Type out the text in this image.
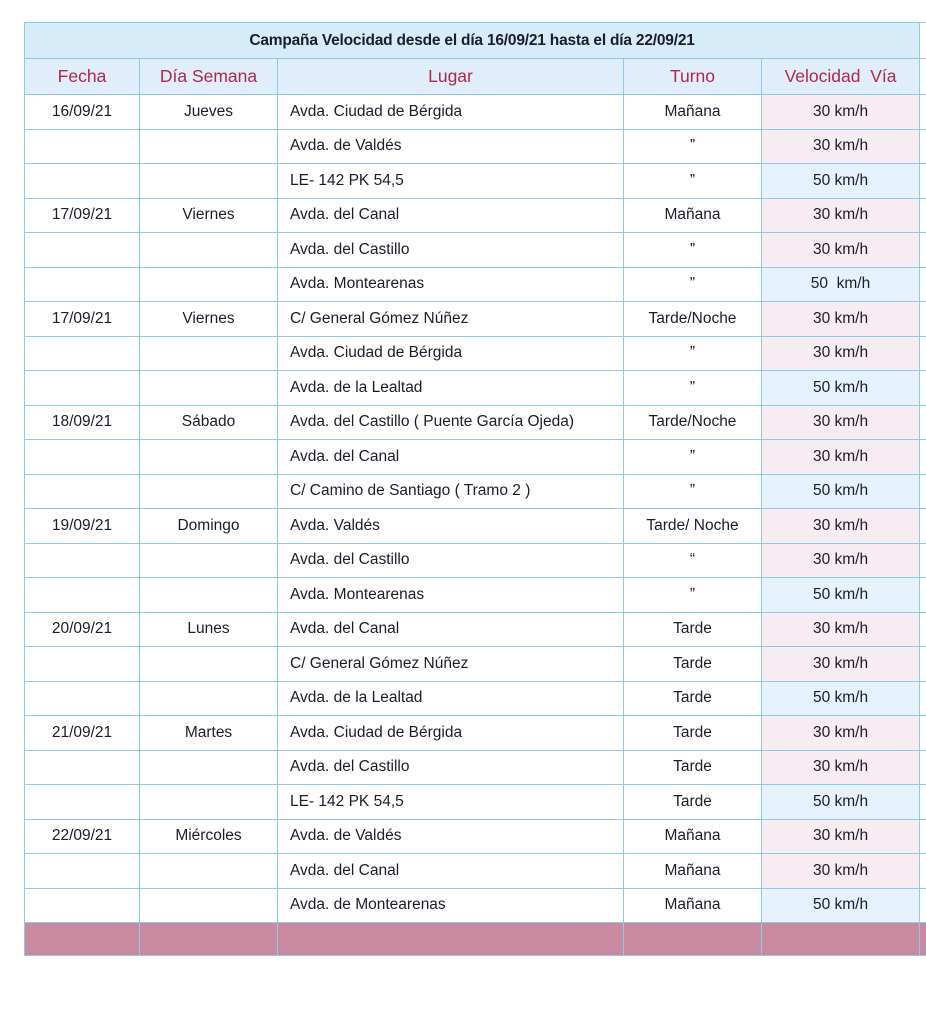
Campaña Velocidad desde el día 16/09/21 hasta el día 22/09/21					
Fecha	Día Semana	Lugar	Turno	Velocidad  Vía	
16/09/21	Jueves	Avda. Ciudad de Bérgida	Mañana	30 km/h	
		Avda. de Valdés	”	30 km/h	
		LE- 142 PK 54,5	”	50 km/h	
17/09/21	Viernes	Avda. del Canal	Mañana	30 km/h	
		Avda. del Castillo	”	30 km/h	
		Avda. Montearenas	”	50  km/h	
17/09/21	Viernes	C/ General Gómez Núñez	Tarde/Noche	30 km/h	
		Avda. Ciudad de Bérgida	”	30 km/h	
		Avda. de la Lealtad	”	50 km/h	
18/09/21	Sábado	Avda. del Castillo ( Puente García Ojeda)	Tarde/Noche	30 km/h	
		Avda. del Canal	”	30 km/h	
		C/ Camino de Santiago ( Tramo 2 )	”	50 km/h	
19/09/21	Domingo	Avda. Valdés	Tarde/ Noche	30 km/h	
		Avda. del Castillo	“	30 km/h	
		Avda. Montearenas	”	50 km/h	
20/09/21	Lunes	Avda. del Canal	Tarde	30 km/h	
		C/ General Gómez Núñez	Tarde	30 km/h	
		Avda. de la Lealtad	Tarde	50 km/h	
21/09/21	Martes	Avda. Ciudad de Bérgida	Tarde	30 km/h	
		Avda. del Castillo	Tarde	30 km/h	
		LE- 142 PK 54,5	Tarde	50 km/h	
22/09/21	Miércoles	Avda. de Valdés	Mañana	30 km/h	
		Avda. del Canal	Mañana	30 km/h	
		Avda. de Montearenas	Mañana	50 km/h	
